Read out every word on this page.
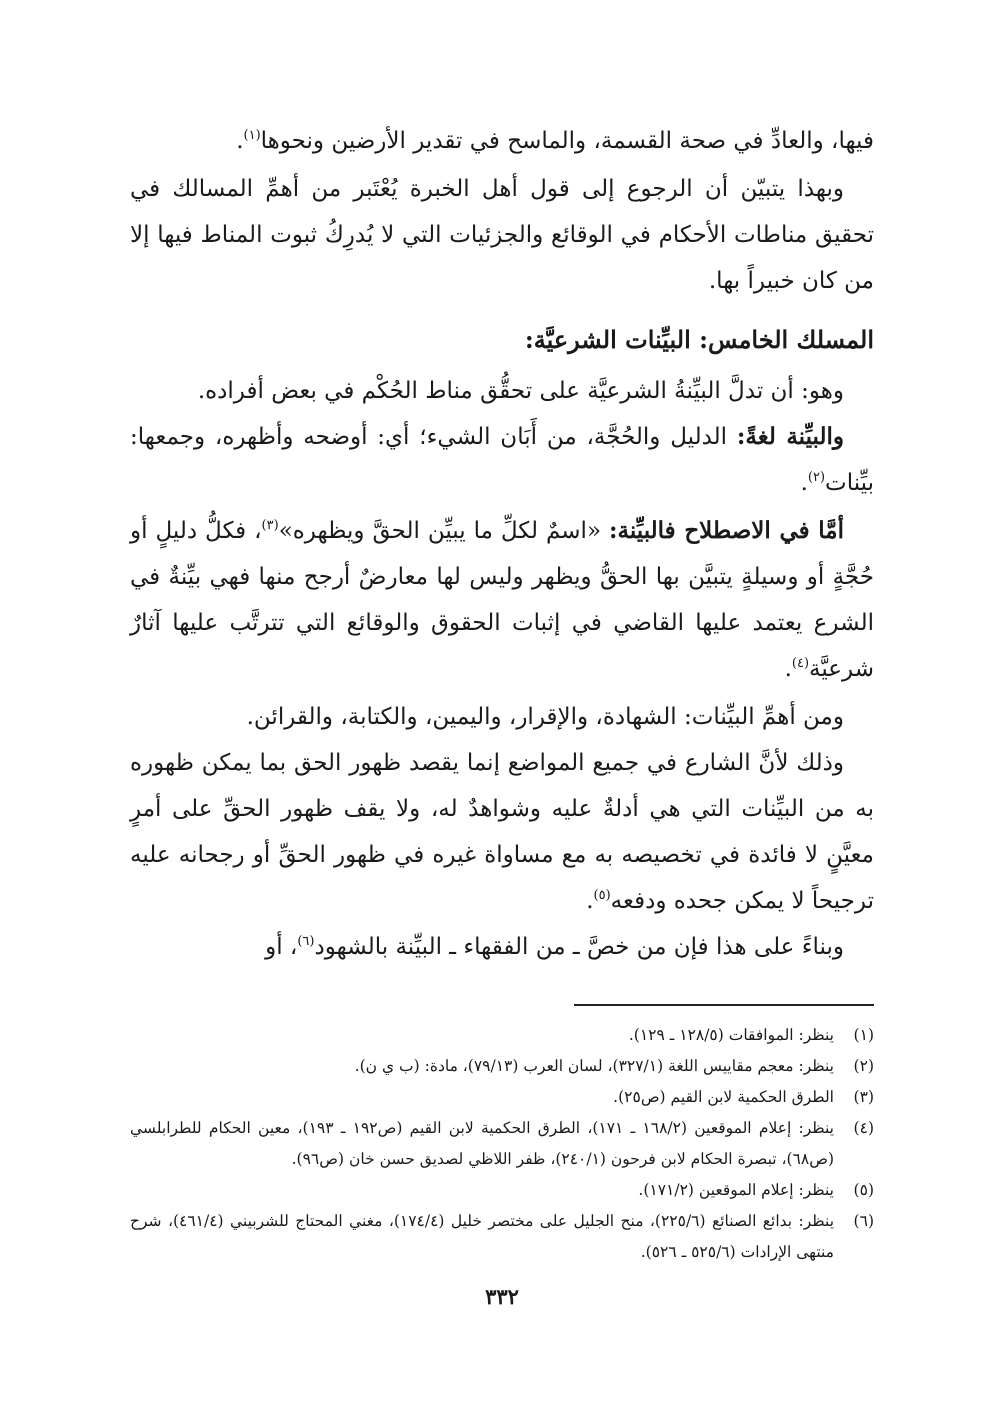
فيها، والعادِّ في صحة القسمة، والماسح في تقدير الأرضين ونحوها$^{(١)}$.

وبهذا يتبيّن أن الرجوع إلى قول أهل الخبرة يُعْتَبر من أهمِّ المسالك في تحقيق مناطات الأحكام في الوقائع والجزئيات التي لا يُدرِكُ ثبوت المناط فيها إلا من كان خبيراً بها.

المسلك الخامس: البيِّنات الشرعيَّة:

وهو: أن تدلَّ البيِّنةُ الشرعيَّة على تحقُّق مناط الحُكْم في بعض أفراده.

والبيِّنة لغةً: الدليل والحُجَّة، من أَبَان الشيء؛ أي: أوضحه وأظهره، وجمعها: بيِّنات$^{(٢)}$.

أمَّا في الاصطلاح فالبيِّنة: «اسمٌ لكلِّ ما يبيِّن الحقَّ ويظهره»$^{(٣)}$، فكلُّ دليلٍ أو حُجَّةٍ أو وسيلةٍ يتبيَّن بها الحقُّ ويظهر وليس لها معارضٌ أرجح منها فهي بيِّنةٌ في الشرع يعتمد عليها القاضي في إثبات الحقوق والوقائع التي تترتَّب عليها آثارٌ شرعيَّة$^{(٤)}$.

ومن أهمِّ البيِّنات: الشهادة، والإقرار، واليمين، والكتابة، والقرائن.

وذلك لأنَّ الشارع في جميع المواضع إنما يقصد ظهور الحق بما يمكن ظهوره به من البيِّنات التي هي أدلةٌ عليه وشواهدٌ له، ولا يقف ظهور الحقِّ على أمرٍ معيَّنٍ لا فائدة في تخصيصه به مع مساواة غيره في ظهور الحقِّ أو رجحانه عليه ترجيحاً لا يمكن جحده ودفعه$^{(٥)}$.

وبناءً على هذا فإن من خصَّ ـ من الفقهاء ـ البيِّنة بالشهود$^{(٦)}$، أو

(١)
ينظر: الموافقات (١٢٨/٥ ـ ١٢٩).
(٢)
ينظر: معجم مقاييس اللغة (٣٢٧/١)، لسان العرب (٧٩/١٣)، مادة: (ب ي ن).
(٣)
الطرق الحكمية لابن القيم (ص٢٥).
(٤)
ينظر: إعلام الموقعين (١٦٨/٢ ـ ١٧١)، الطرق الحكمية لابن القيم (ص١٩٢ ـ ١٩٣)، معين الحكام للطرابلسي (ص٦٨)، تبصرة الحكام لابن فرحون (٢٤٠/١)، ظفر اللاظي لصديق حسن خان (ص٩٦).
(٥)
ينظر: إعلام الموقعين (١٧١/٢).
(٦)
ينظر: بدائع الصنائع (٢٢٥/٦)، منح الجليل على مختصر خليل (١٧٤/٤)، مغني المحتاج للشربيني (٤٦١/٤)، شرح منتهى الإرادات (٥٢٥/٦ ـ ٥٢٦).
٣٣٢
